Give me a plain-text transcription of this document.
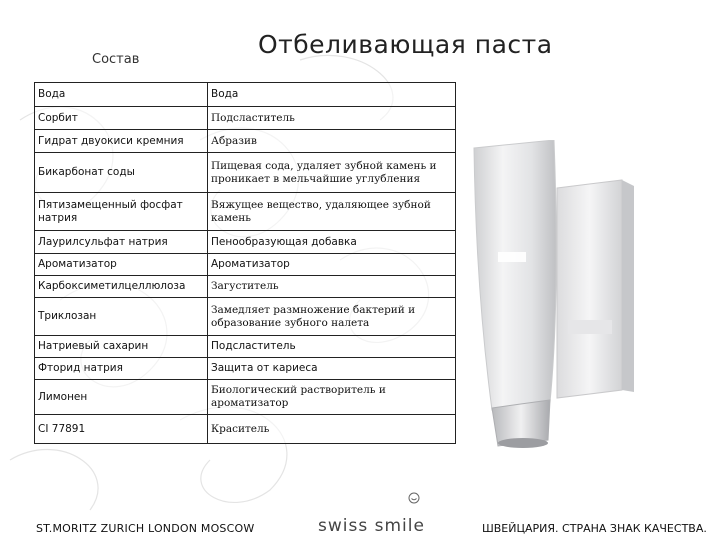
Состав
Отбеливающая паста
Вода	Вода
Сорбит	Подсластитель
Гидрат двуокиси кремния	Абразив
Бикарбонат соды	Пищевая сода, удаляет зубной камень и проникает в мельчайшие углубления
Пятизамещенный фосфат натрия	Вяжущее вещество, удаляющее зубной камень
Лаурилсульфат натрия	Пенообразующая добавка
Ароматизатор	Ароматизатор
Карбоксиметилцеллюлоза	Загуститель
Триклозан	Замедляет размножение бактерий и образование зубного налета
Натриевый сахарин	Подсластитель
Фторид натрия	Защита от кариеса
Лимонен	Биологический растворитель и ароматизатор
CI 77891	Краситель
ST.MORITZ ZURICH LONDON MOSCOW	swiss smile	ШВЕЙЦАРИЯ. СТРАНА ЗНАК КАЧЕСТВА.
